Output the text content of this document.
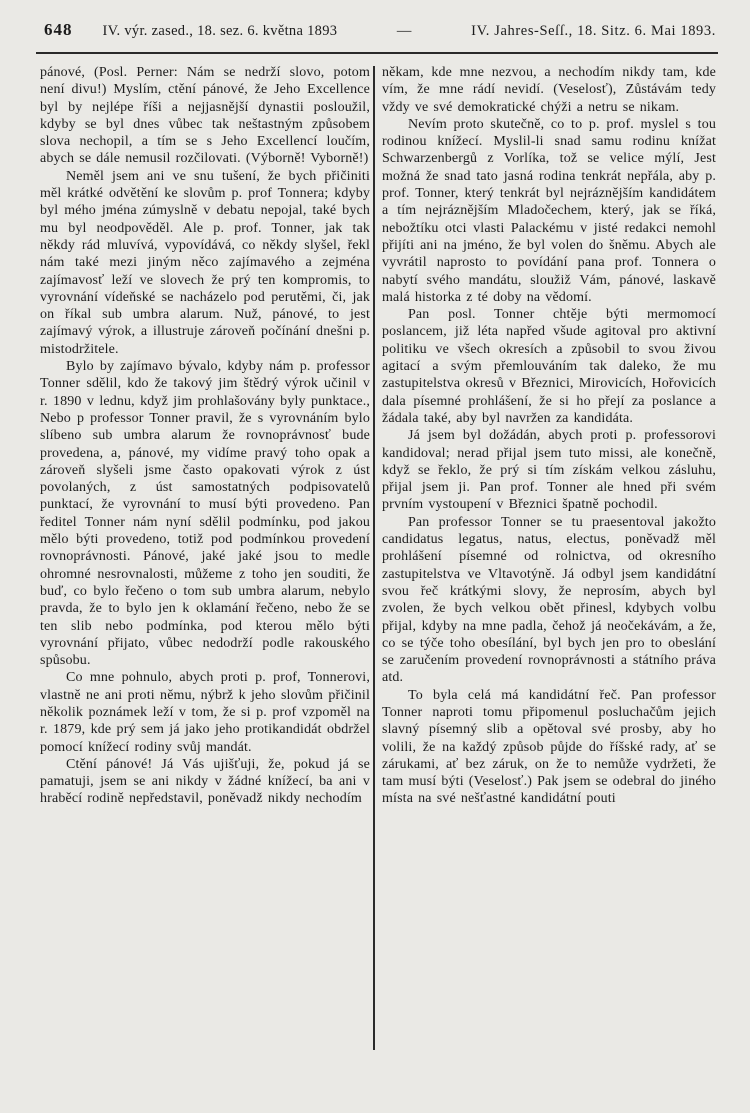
648 IV. výr. zased., 18. sez. 6. května 1893	—	IV. Jahres-Seſſ., 18. Sitz. 6. Mai 1893.

pánové, (Posl. Perner: Nám se nedrží slovo, potom není divu!) Myslím, ctění pánové, že Jeho Excellence byl by nejlépe říši a nejjasnější dynastii posloužil, kdyby se byl dnes vůbec tak neštastným způsobem slova nechopil, a tím se s Jeho Excellencí loučím, abych se dále nemusil rozčilovati. (Výborně! Vyborně!)

Neměl jsem ani ve snu tušení, že bych přičiniti měl krátké odvětění ke slovům p. prof Tonnera; kdyby byl mého jména zúmyslně v debatu nepojal, také bych mu byl neodpověděl. Ale p. prof. Tonner, jak tak někdy rád mluvívá, vypovídává, co někdy slyšel, řekl nám také mezi jiným něco zajímavého a zejména zajímavosť leží ve slovech že prý ten kompromis, to vyrovnání vídeňské se nacházelo pod perutěmi, či, jak on říkal sub umbra alarum. Nuž, pánové, to jest zajímavý výrok, a illustruje zároveň počínání dnešni p. mistodržitele.

Bylo by zajímavo bývalo, kdyby nám p. professor Tonner sdělil, kdo že takový jim štědrý výrok učinil v r. 1890 v lednu, když jim prohlašovány byly punktace., Nebo p professor Tonner pravil, že s vyrovnáním bylo slíbeno sub umbra alarum že rovnoprávnosť bude provedena, a, pánové, my vidíme pravý toho opak a zároveň slyšeli jsme často opakovati výrok z úst povolaných, z úst samostatných podpisovatelů punktací, že vyrovnání to musí býti provedeno. Pan ředitel Tonner nám nyní sdělil podmínku, pod jakou mělo býti provedeno, totiž pod podmínkou provedení rovnoprávnosti. Pánové, jaké jaké jsou to medle ohromné nesrovnalosti, můžeme z toho jen souditi, že buď, co bylo řečeno o tom sub umbra alarum, nebylo pravda, že to bylo jen k oklamání řečeno, nebo že se ten slib nebo podmínka, pod kterou mělo býti vyrovnání přijato, vůbec nedodrží podle rakouského spůsobu.

Co mne pohnulo, abych proti p. prof, Tonnerovi, vlastně ne ani proti němu, nýbrž k jeho slovům přičinil několik poznámek leží v tom, že si p. prof vzpoměl na r. 1879, kde prý sem já jako jeho protikandidát obdržel pomocí knížecí rodiny svůj mandát.

Ctění pánové! Já Vás ujišťuji, že, pokud já se pamatuji, jsem se ani nikdy v žádné knížecí, ba ani v hraběcí rodině nepředstavil, poněvadž nikdy nechodím

někam, kde mne nezvou, a nechodím nikdy tam, kde vím, že mne rádí nevidí. (Veselosť), Zůstávám tedy vždy ve své demokratické chýži a netru se nikam.

Nevím proto skutečně, co to p. prof. myslel s tou rodinou knížecí. Myslil-li snad samu rodinu knížat Schwarzenbergů z Vorlíka, tož se velice mýlí, Jest možná že snad tato jasná rodina tenkrát nepřála, aby p. prof. Tonner, který tenkrát byl nejráznějším kandidátem a tím nejráznějším Mladočechem, který, jak se říká, nebožtíku otci vlasti Palackému v jisté redakci nemohl přijíti ani na jméno, že byl volen do šněmu. Abych ale vyvrátil naprosto to povídání pana prof. Tonnera o nabytí svého mandátu, sloužiž Vám, pánové, laskavě malá historka z té doby na vědomí.

Pan posl. Tonner chtěje býti mermomocí poslancem, již léta napřed všude agitoval pro aktivní politiku ve všech okresích a způsobil to svou živou agitací a svým přemlouváním tak daleko, že mu zastupitelstva okresů v Březnici, Mirovicích, Hořovicích dala písemné prohlášení, že si ho přejí za poslance a žádala také, aby byl navržen za kandidáta.

Já jsem byl dožádán, abych proti p. professorovi kandidoval; nerad přijal jsem tuto missi, ale konečně, když se řeklo, že prý si tím získám velkou zásluhu, přijal jsem ji. Pan prof. Tonner ale hned při svém prvním vystoupení v Březnici špatně pochodil.

Pan professor Tonner se tu praesentoval jakožto candidatus legatus, natus, electus, poněvadž měl prohlášení písemné od rolnictva, od okresního zastupitelstva ve Vltavotýně. Já odbyl jsem kandidátní svou řeč krátkými slovy, že neprosím, abych byl zvolen, že bych velkou obět přinesl, kdybych volbu přijal, kdyby na mne padla, čehož já neočekávám, a že, co se týče toho obesílání, byl bych jen pro to obeslání se zaručením provedení rovnoprávnosti a státního práva atd.

To byla celá má kandidátní řeč. Pan professor Tonner naproti tomu připomenul posluchačům jejich slavný písemný slib a opětoval své prosby, aby ho volili, že na každý způsob půjde do říšské rady, ať se zárukami, ať bez záruk, on že to nemůže vydržeti, že tam musí býti (Veselosť.) Pak jsem se odebral do jiného místa na své nešťastné kandidátní pouti
